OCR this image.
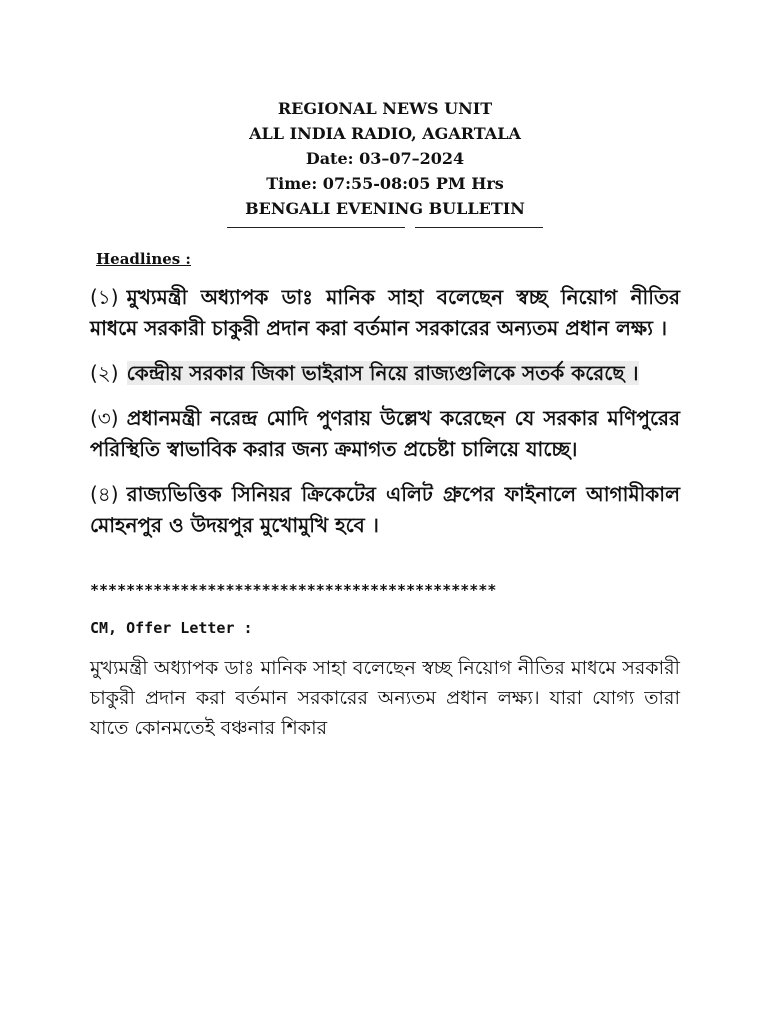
REGIONAL NEWS UNIT
ALL INDIA RADIO, AGARTALA
Date: 03–07–2024
Time: 07:55-08:05 PM Hrs
BENGALI EVENING BULLETIN
Headlines :
(১) মুখ্যমন্ত্রী অধ্যাপক ডাঃ মানিক সাহা বলেছেন স্বচ্ছ নিয়োগ নীতির মাধমে সরকারী চাকুরী প্রদান করা বর্তমান সরকারের অন্যতম প্রধান লক্ষ্য ।
(২) কেন্দ্রীয় সরকার জিকা ভাইরাস নিয়ে রাজ্যগুলিকে সতর্ক করেছে ।
(৩) প্রধানমন্ত্রী নরেন্দ্র মোদি পুণরায় উল্লেখ করেছেন যে সরকার মণিপুরের পরিস্থিতি স্বাভাবিক করার জন্য ক্রমাগত প্রচেষ্টা চালিয়ে যাচ্ছে।
(৪) রাজ্যভিত্তিক সিনিয়র ক্রিকেটের এলিট গ্রুপের ফাইনালে আগামীকাল মোহনপুর ও উদয়পুর মুখোমুখি হবে ।
*********************************************
CM, Offer Letter :
মুখ্যমন্ত্রী অধ্যাপক ডাঃ মানিক সাহা বলেছেন স্বচ্ছ নিয়োগ নীতির মাধমে সরকারী চাকুরী প্রদান করা বর্তমান সরকারের অন্যতম প্রধান লক্ষ্য। যারা যোগ্য তারা যাতে কোনমতেই বঞ্চনার শিকার
